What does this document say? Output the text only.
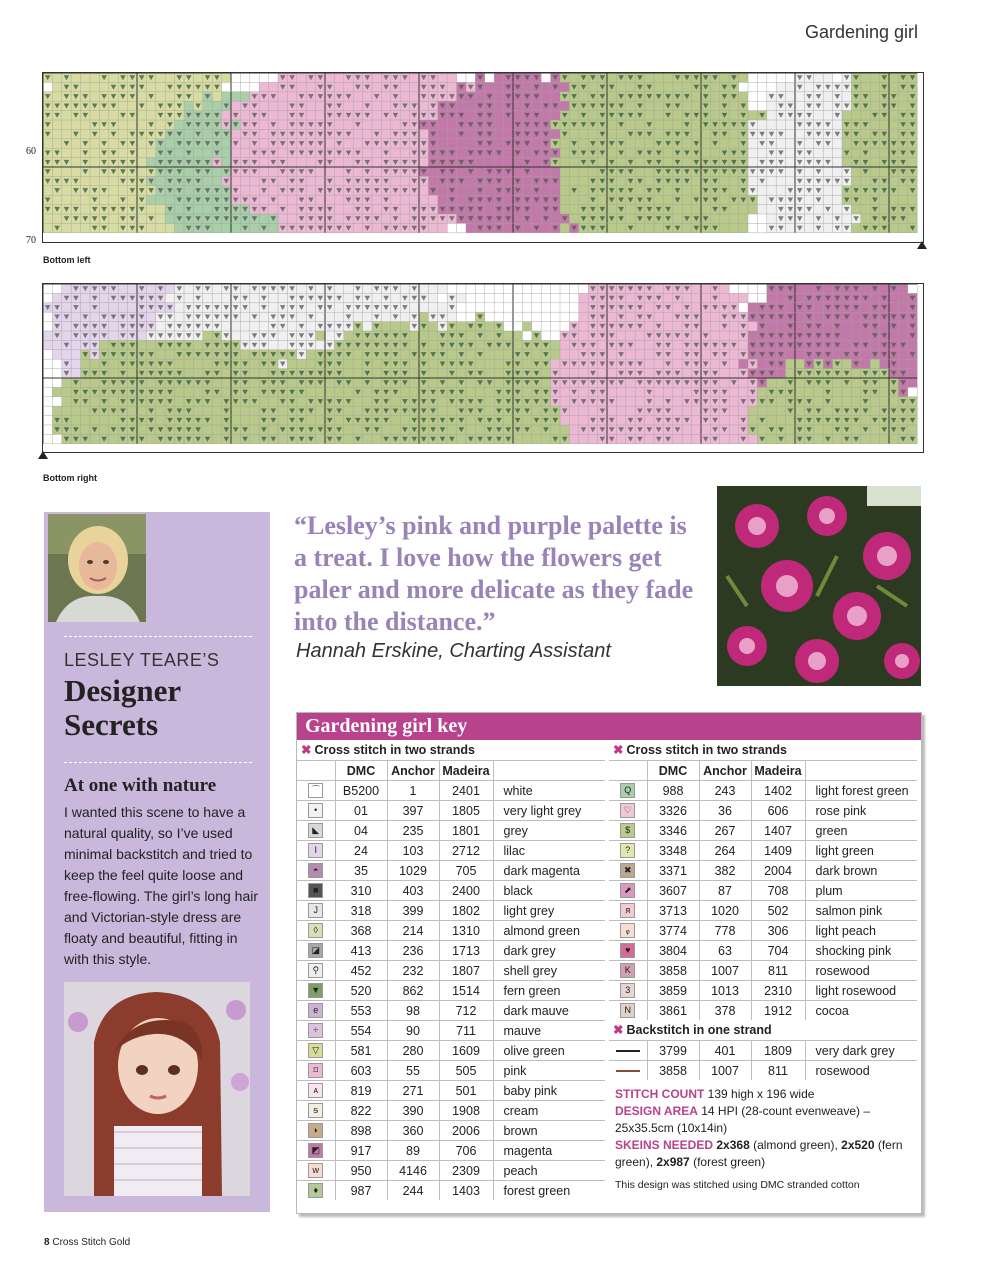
Gardening girl
60
70
Bottom left
Bottom right
LESLEY TEARE’S
Designer
Secrets
At one with nature
I wanted this scene to have a natural quality, so I’ve used minimal backstitch and tried to keep the feel quite loose and free-flowing. The girl’s long hair and Victorian-style dress are floaty and beautiful, fitting in with this style.
“Lesley’s pink and purple palette is a treat. I love how the flowers get paler and more delicate as they fade into the distance.”
Hannah Erskine, Charting Assistant
Gardening girl key
✖ Cross stitch in two strands
	DMC	Anchor	Madeira	
⌒	B5200	1	2401	white
•	01	397	1805	very light grey
◣	04	235	1801	grey
I	24	103	2712	lilac
◓	35	1029	705	dark magenta
■	310	403	2400	black
J	318	399	1802	light grey
◊	368	214	1310	almond green
◪	413	236	1713	dark grey
⚲	452	232	1807	shell grey
▼	520	862	1514	fern green
e	553	98	712	dark mauve
÷	554	90	711	mauve
▽	581	280	1609	olive green
⌑	603	55	505	pink
ᴀ	819	271	501	baby pink
ᵴ	822	390	1908	cream
◗	898	360	2006	brown
◩	917	89	706	magenta
w	950	4146	2309	peach
♦	987	244	1403	forest green
✖ Cross stitch in two strands
	DMC	Anchor	Madeira	
Q	988	243	1402	light forest green
♡	3326	36	606	rose pink
$	3346	267	1407	green
?	3348	264	1409	light green
✖	3371	382	2004	dark brown
⬈	3607	87	708	plum
я	3713	1020	502	salmon pink
ᵩ	3774	778	306	light peach
♥	3804	63	704	shocking pink
K	3858	1007	811	rosewood
3	3859	1013	2310	light rosewood
N	3861	378	1912	cocoa
✖ Backstitch in one strand
	3799	401	1809	very dark grey
	3858	1007	811	rosewood
STITCH COUNT 139 high x 196 wide
DESIGN AREA 14 HPI (28-count evenweave) – 25x35.5cm (10x14in)
SKEINS NEEDED 2x368 (almond green), 2x520 (fern green), 2x987 (forest green)
This design was stitched using DMC stranded cotton
8 Cross Stitch Gold
